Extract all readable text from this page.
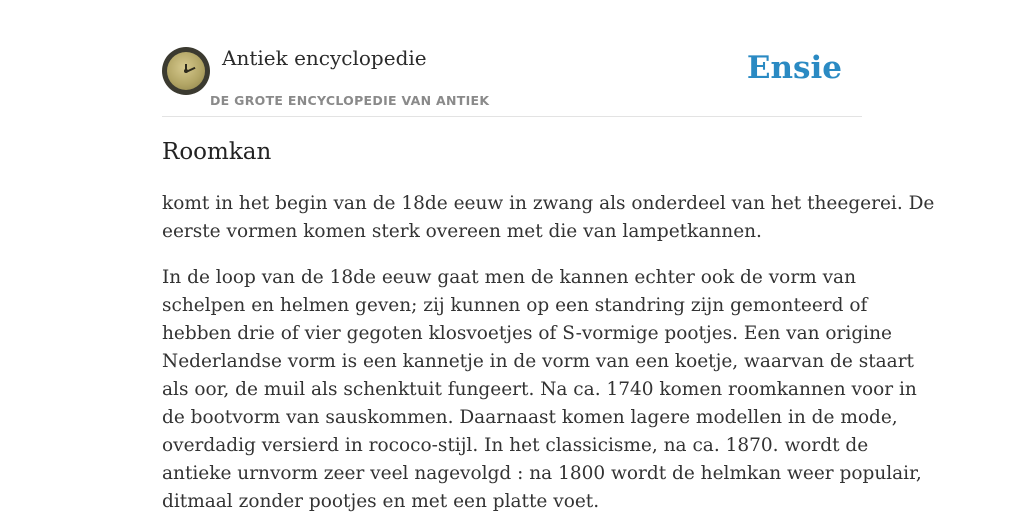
Antiek encyclopedie
DE GROTE ENCYCLOPEDIE VAN ANTIEK
Ensie
Roomkan

komt in het begin van de 18de eeuw in zwang als onderdeel van het theegerei. De
eerste vormen komen sterk overeen met die van lampetkannen.

In de loop van de 18de eeuw gaat men de kannen echter ook de vorm van
schelpen en helmen geven; zij kunnen op een standring zijn gemonteerd of
hebben drie of vier gegoten klosvoetjes of S-vormige pootjes. Een van origine
Nederlandse vorm is een kannetje in de vorm van een koetje, waarvan de staart
als oor, de muil als schenktuit fungeert. Na ca. 1740 komen roomkannen voor in
de bootvorm van sauskommen. Daarnaast komen lagere modellen in de mode,
overdadig versierd in rococo-stijl. In het classicisme, na ca. 1870. wordt de
antieke urnvorm zeer veel nagevolgd : na 1800 wordt de helmkan weer populair,
ditmaal zonder pootjes en met een platte voet.
